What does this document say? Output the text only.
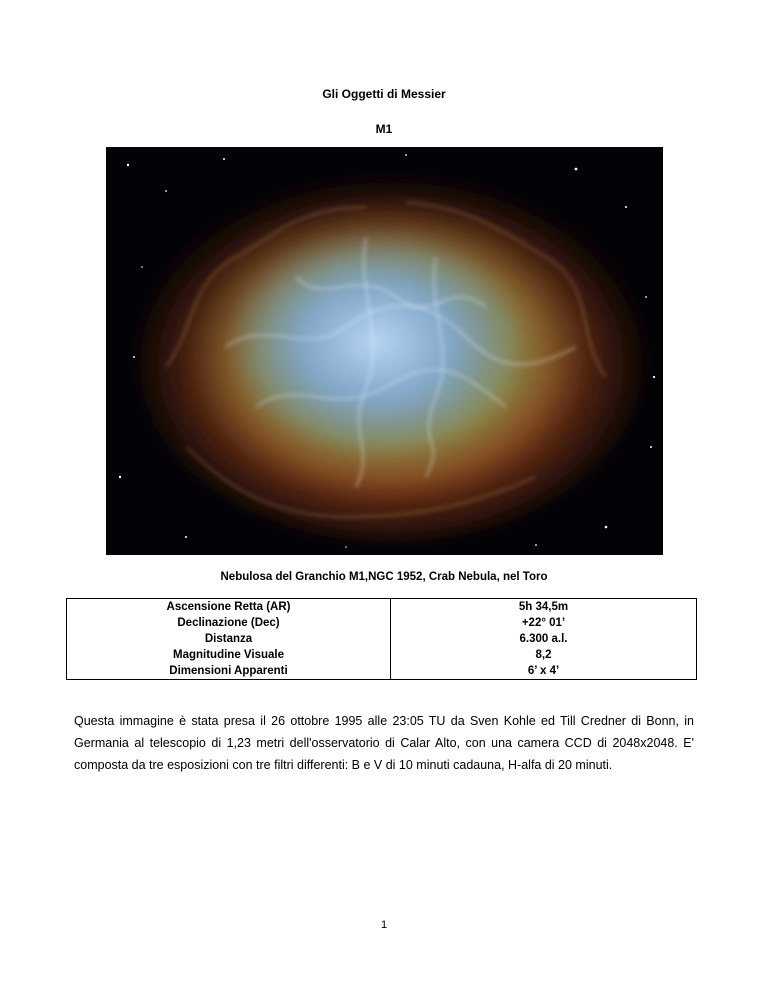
Gli Oggetti di Messier
M1
Nebulosa del Granchio M1,NGC 1952, Crab Nebula, nel Toro
Ascensione Retta (AR)	5h 34,5m
Declinazione (Dec)	+22° 01’
Distanza	6.300 a.l.
Magnitudine Visuale	8,2
Dimensioni Apparenti	6’ x 4’
Questa immagine è stata presa il 26 ottobre 1995 alle 23:05 TU da Sven Kohle ed Till Credner di Bonn, in Germania al telescopio di 1,23 metri dell'osservatorio di Calar Alto, con una camera CCD di 2048x2048. E' composta da tre esposizioni con tre filtri differenti: B e V di 10 minuti cadauna, H-alfa di 20 minuti.
1
